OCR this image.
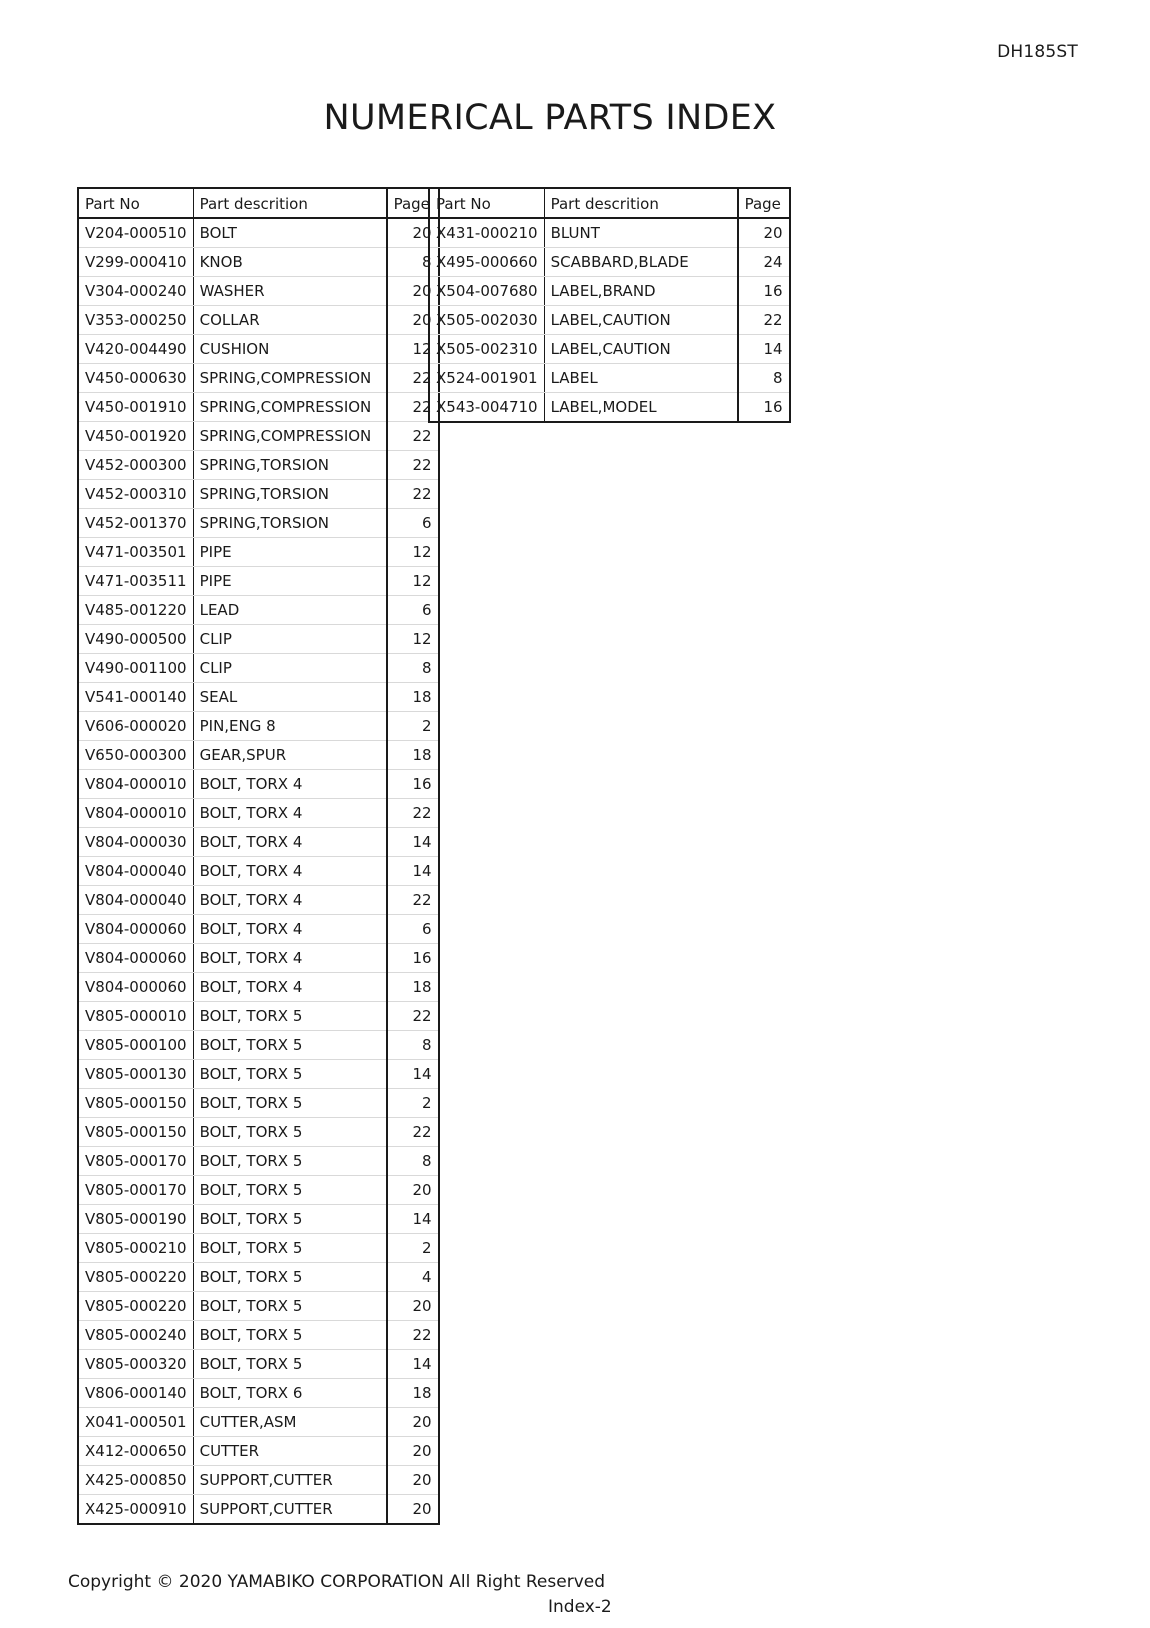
DH185ST
NUMERICAL PARTS INDEX
Part No	Part descrition	Page
V204-000510	BOLT	20
V299-000410	KNOB	8
V304-000240	WASHER	20
V353-000250	COLLAR	20
V420-004490	CUSHION	12
V450-000630	SPRING,COMPRESSION	22
V450-001910	SPRING,COMPRESSION	22
V450-001920	SPRING,COMPRESSION	22
V452-000300	SPRING,TORSION	22
V452-000310	SPRING,TORSION	22
V452-001370	SPRING,TORSION	6
V471-003501	PIPE	12
V471-003511	PIPE	12
V485-001220	LEAD	6
V490-000500	CLIP	12
V490-001100	CLIP	8
V541-000140	SEAL	18
V606-000020	PIN,ENG 8	2
V650-000300	GEAR,SPUR	18
V804-000010	BOLT, TORX 4	16
V804-000010	BOLT, TORX 4	22
V804-000030	BOLT, TORX 4	14
V804-000040	BOLT, TORX 4	14
V804-000040	BOLT, TORX 4	22
V804-000060	BOLT, TORX 4	6
V804-000060	BOLT, TORX 4	16
V804-000060	BOLT, TORX 4	18
V805-000010	BOLT, TORX 5	22
V805-000100	BOLT, TORX 5	8
V805-000130	BOLT, TORX 5	14
V805-000150	BOLT, TORX 5	2
V805-000150	BOLT, TORX 5	22
V805-000170	BOLT, TORX 5	8
V805-000170	BOLT, TORX 5	20
V805-000190	BOLT, TORX 5	14
V805-000210	BOLT, TORX 5	2
V805-000220	BOLT, TORX 5	4
V805-000220	BOLT, TORX 5	20
V805-000240	BOLT, TORX 5	22
V805-000320	BOLT, TORX 5	14
V806-000140	BOLT, TORX 6	18
X041-000501	CUTTER,ASM	20
X412-000650	CUTTER	20
X425-000850	SUPPORT,CUTTER	20
X425-000910	SUPPORT,CUTTER	20
Part No	Part descrition	Page
X431-000210	BLUNT	20
X495-000660	SCABBARD,BLADE	24
X504-007680	LABEL,BRAND	16
X505-002030	LABEL,CAUTION	22
X505-002310	LABEL,CAUTION	14
X524-001901	LABEL	8
X543-004710	LABEL,MODEL	16
Copyright © 2020 YAMABIKO CORPORATION All Right Reserved
Index-2
